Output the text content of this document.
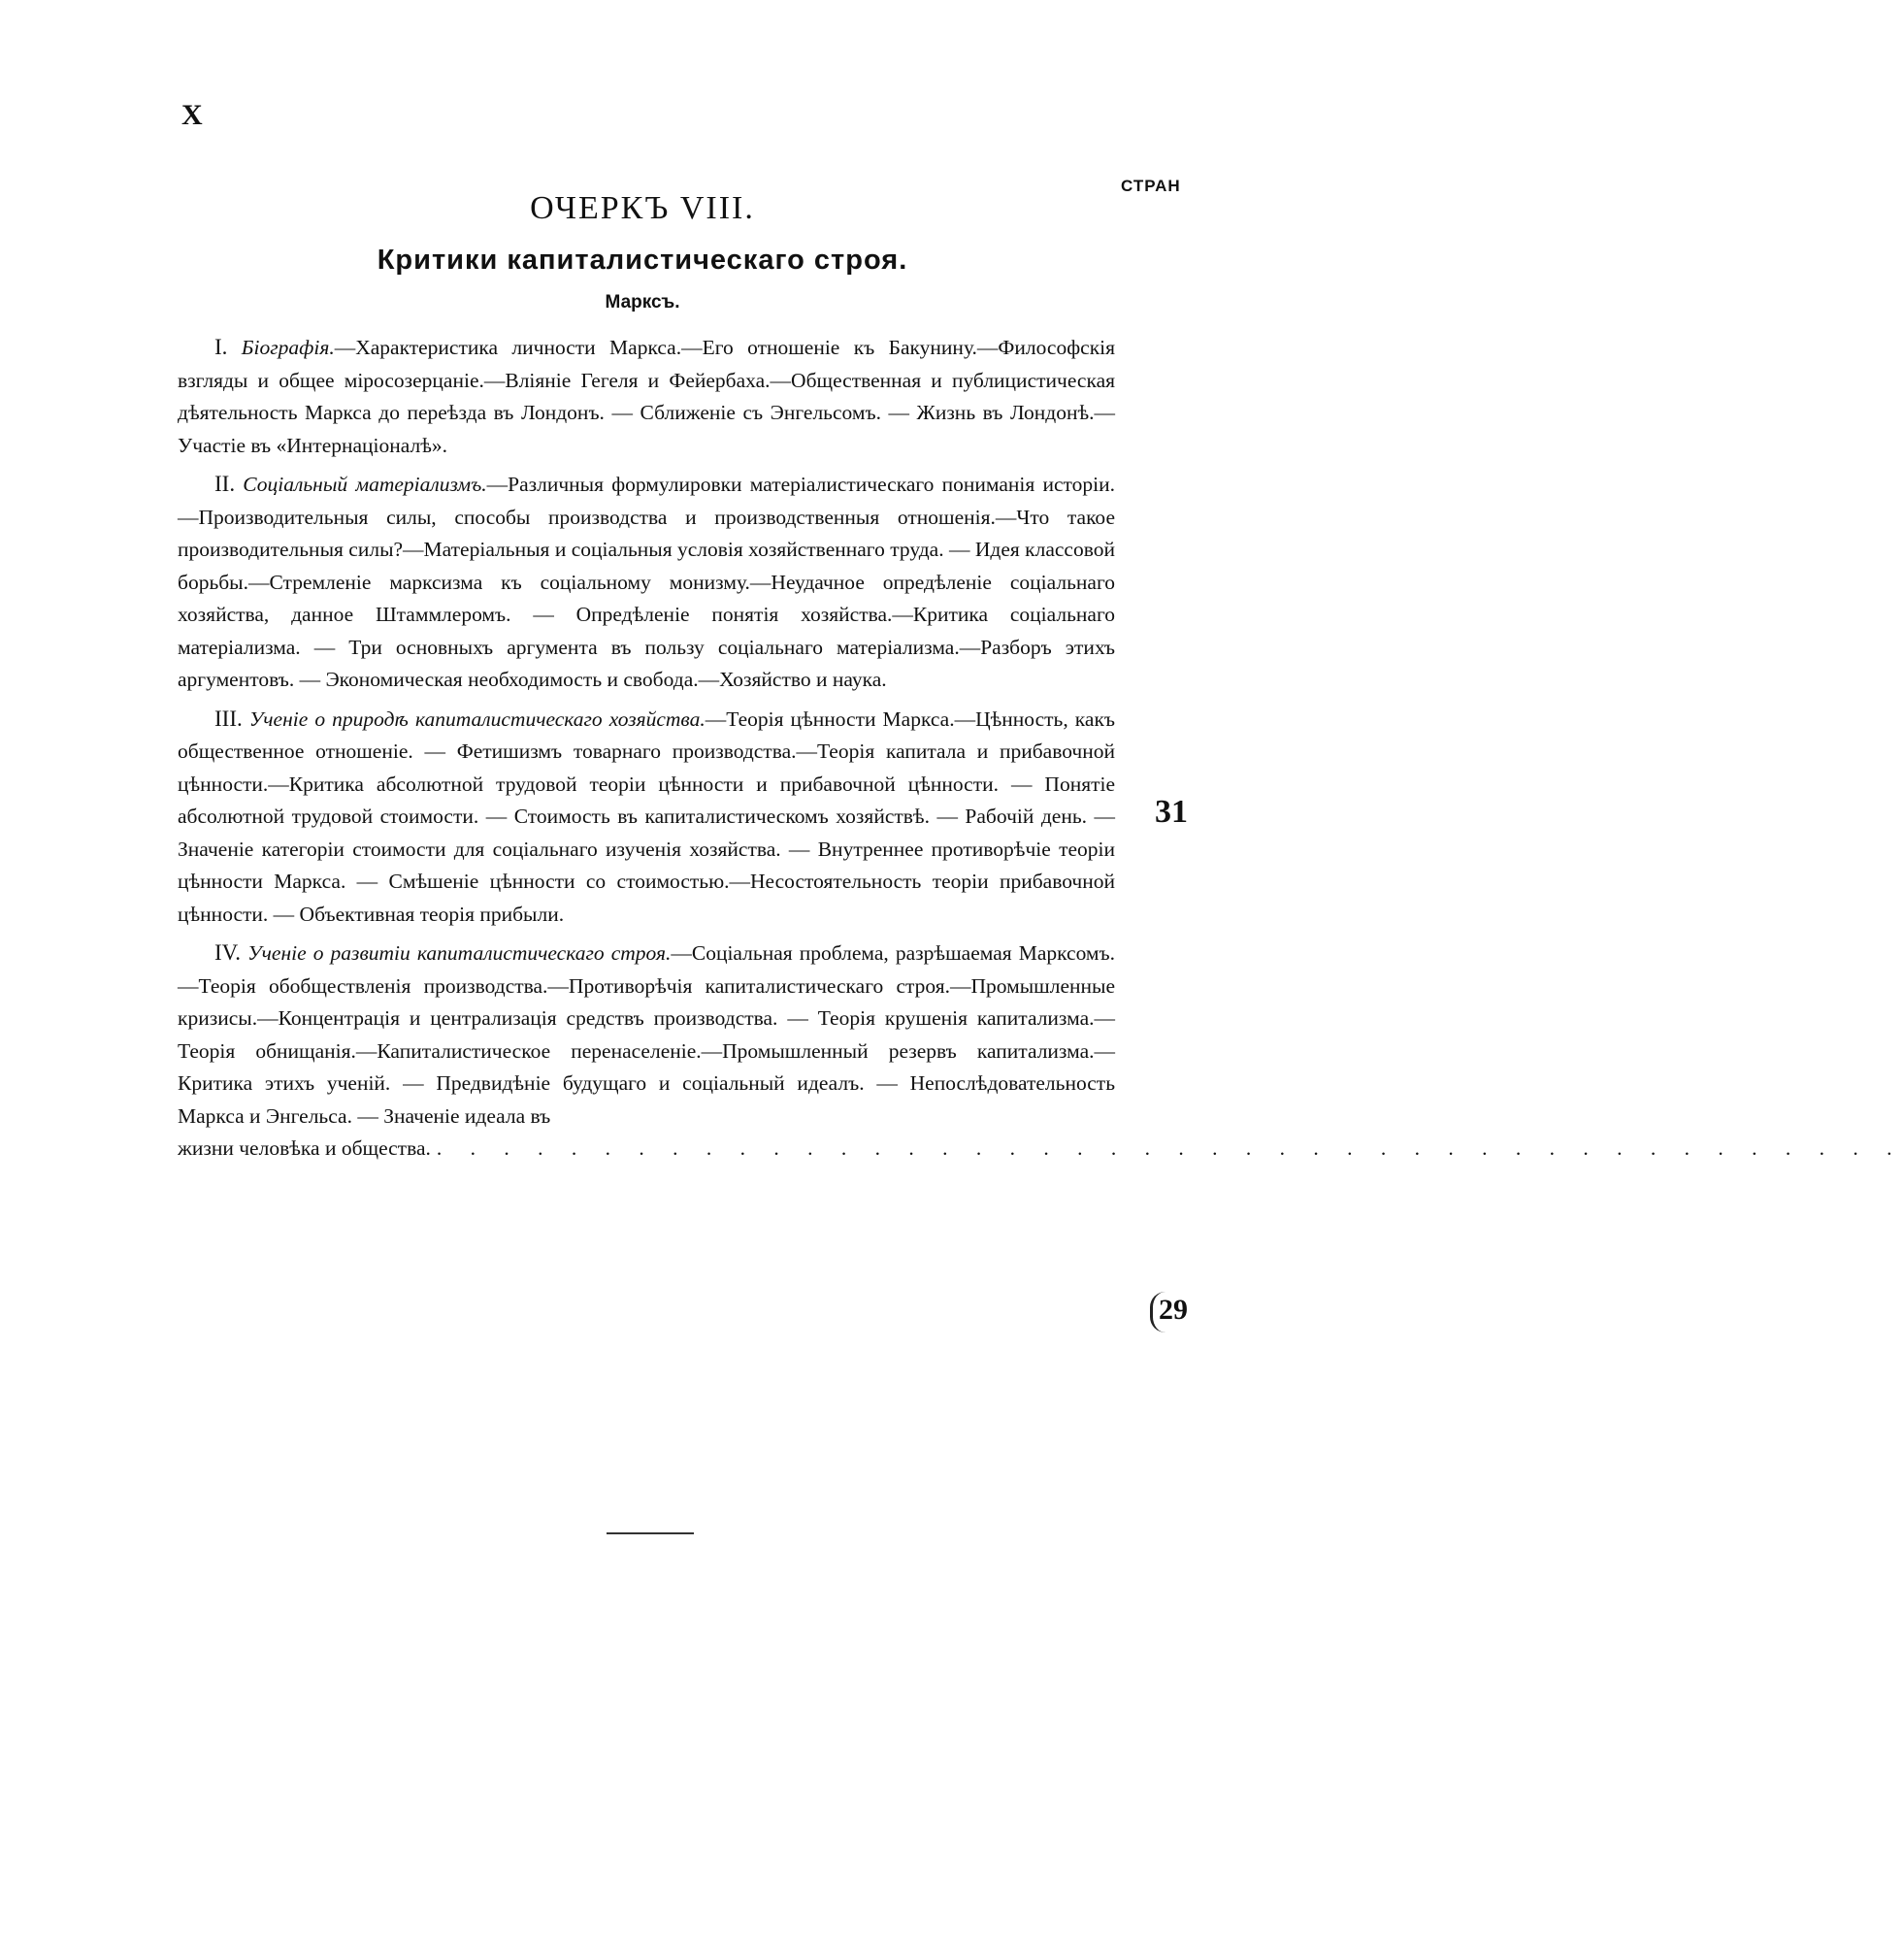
X
СТРАН
ОЧЕРКЪ VIII.
Критики капиталистическаго строя.
Марксъ.

I. Біографія.—Характеристика личности Маркса.—Его отношеніе къ Бакунину.—Философскія взгляды и общее міросозерцаніе.—Вліяніе Гегеля и Фейербаха.—Общественная и публицистическая дѣятельность Маркса до переѣзда въ Лондонъ. — Сближеніе съ Энгельсомъ. — Жизнь въ Лондонѣ.—Участіе въ «Интернаціоналѣ».

II. Соціальный матеріализмъ.—Различныя формулировки матеріалистическаго пониманія исторіи.—Производительныя силы, способы производства и производственныя отношенія.—Что такое производительныя силы?—Матеріальныя и соціальныя условія хозяйственнаго труда. — Идея классовой борьбы.—Стремленіе марксизма къ соціальному монизму.—Неудачное опредѣленіе соціальнаго хозяйства, данное Штаммлеромъ. — Опредѣленіе понятія хозяйства.—Критика соціальнаго матеріализма. — Три основныхъ аргумента въ пользу соціальнаго матеріализма.—Разборъ этихъ аргументовъ. — Экономическая необходимость и свобода.—Хозяйство и наука.

III. Ученіе о природѣ капиталистическаго хозяйства.—Теорія цѣнности Маркса.—Цѣнность, какъ общественное отношеніе. — Фетишизмъ товарнаго производства.—Теорія капитала и прибавочной цѣнности.—Критика абсолютной трудовой теоріи цѣнности и прибавочной цѣнности. — Понятіе абсолютной трудовой стоимости. — Стоимость въ капиталистическомъ хозяйствѣ. — Рабочій день. — Значеніе категоріи стоимости для соціальнаго изученія хозяйства. — Внутреннее противорѣчіе теоріи цѣнности Маркса. — Смѣшеніе цѣнности со стоимостью.—Несостоятельность теоріи прибавочной цѣнности. — Объективная теорія прибыли.

IV. Ученіе о развитіи капиталистическаго строя.—Соціальная проблема, разрѣшаемая Марксомъ.—Теорія обобществленія производства.—Противорѣчія капиталистическаго строя.—Промышленные кризисы.—Концентрація и централизація средствъ производства. — Теорія крушенія капитализма.—Теорія обнищанія.—Капиталистическое перенаселеніе.—Промышленный резервъ капитализма.—Критика этихъ ученій. — Предвидѣніе будущаго и соціальный идеалъ. — Непослѣдовательность Маркса и Энгельса. — Значеніе идеала въ
жизни человѣка и общества. . . . . . . . . . . . . . . . . . . . . . . . . . . . . . . . . . . . . . . . . . . . .

31
29
